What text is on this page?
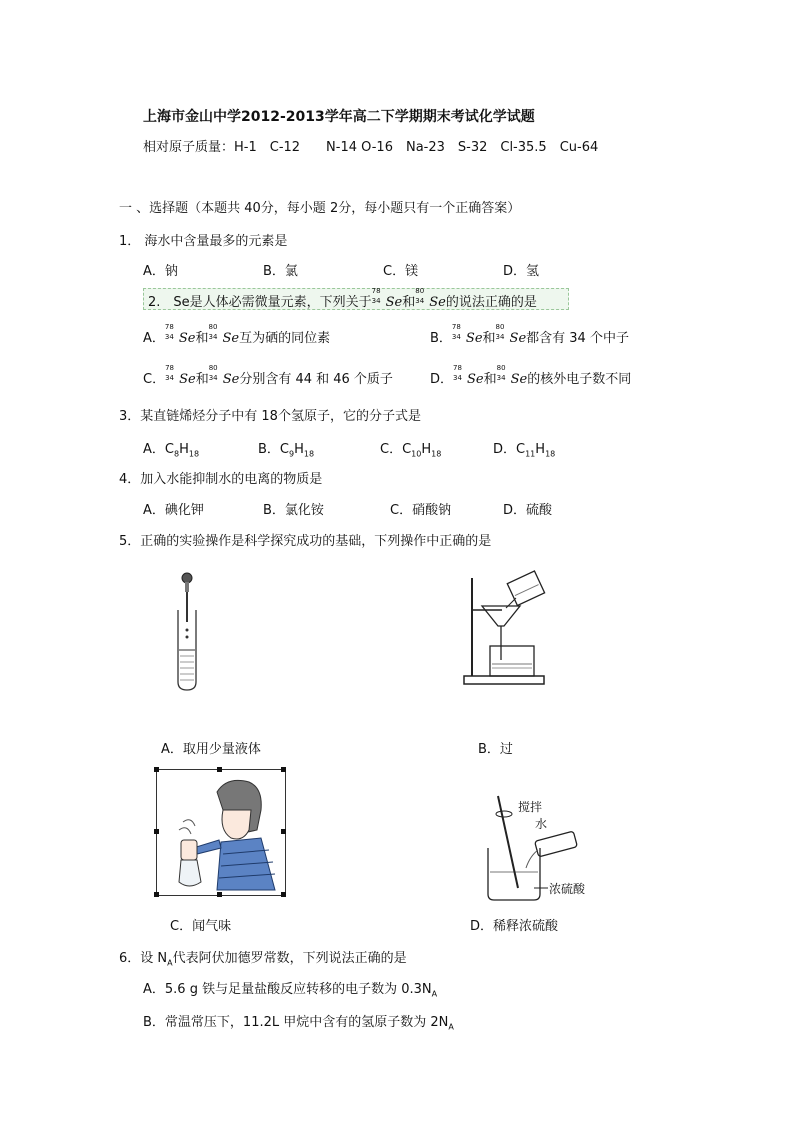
上海市金山中学2012-2013学年高二下学期期末考试化学试题
相对原子质量：H-1　C-12　　N-14 O-16　Na-23　S-32　Cl-35.5　Cu-64
一 、选择题（本题共 40分，每小题 2分，每小题只有一个正确答案）
1． 海水中含量最多的元素是
A．钠	B．氯	C．镁	D．氢
2.　Se是人体必需微量元素，下列关于
78
34 Se和
80
34 Se的说法正确的是
A．
78
34 Se和
80
34 Se互为硒的同位素	B．
78
34 Se和
80
34 Se都含有 34 个中子
C．
78
34 Se和
80
34 Se分别含有 44 和 46 个质子	D．
78
34 Se和
80
34 Se的核外电子数不同
3．某直链烯烃分子中有 18个氢原子，它的分子式是
A．$C_8H_{18}$	B．$C_9H_{18}$	C．$C_{10}H_{18}$	D．$C_{11}H_{18}$
4．加入水能抑制水的电离的物质是
A．碘化钾	B．氯化铵	C．硝酸钠	D．硫酸
5．正确的实验操作是科学探究成功的基础，下列操作中正确的是
A．取用少量液体	B．过
搅拌
水
浓硫酸
C．闻气味	D．稀释浓硫酸
6．设 $N_A$代表阿伏加德罗常数，下列说法正确的是
A．5.6 g 铁与足量盐酸反应转移的电子数为 $0.3N_A$
B．常温常压下，11.2L 甲烷中含有的氢原子数为 $2N_A$
